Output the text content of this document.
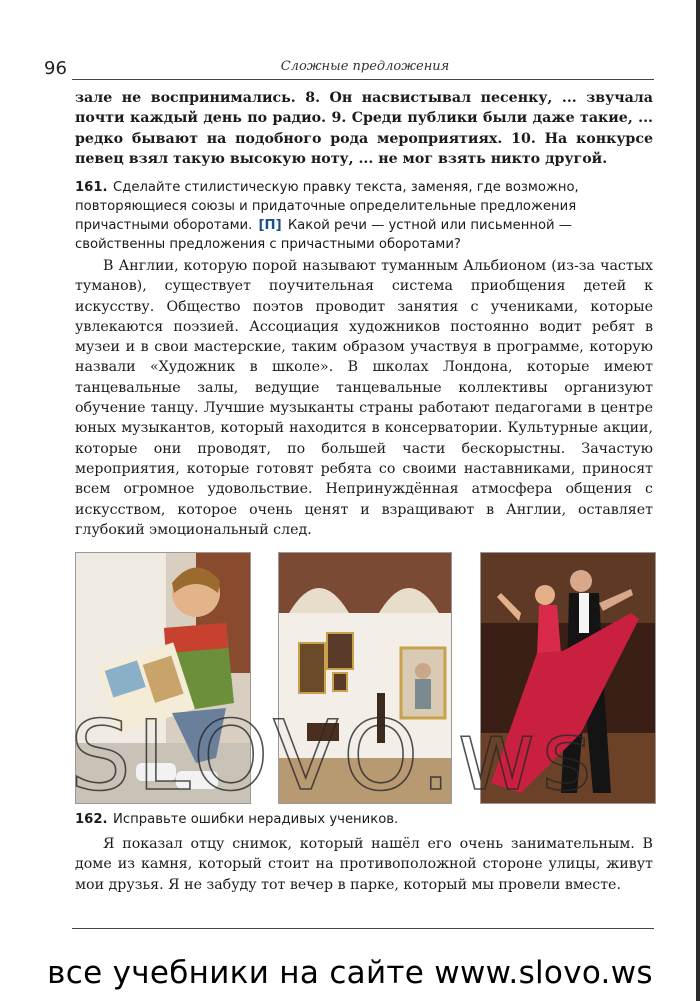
96	Сложные предложения

зале не воспринимались. 8. Он насвистывал песенку, ... звучала почти каждый день по радио. 9. Среди публики были даже такие, ... редко бывают на подобного рода мероприятиях. 10. На конкурсе певец взял такую высокую ноту, ... не мог взять никто другой.

161. Сделайте стилистическую правку текста, заменяя, где возможно, повторяющиеся союзы и придаточные определительные предложения причастными оборотами. [П] Какой речи — устной или письменной — свойственны предложения с причастными оборотами?

В Англии, которую порой называют туманным Альбионом (из-за частых туманов), существует поучительная система приобщения детей к искусству. Общество поэтов проводит занятия с учениками, которые увлекаются поэзией. Ассоциация художников постоянно водит ребят в музеи и в свои мастерские, таким образом участвуя в программе, которую назвали «Художник в школе». В школах Лондона, которые имеют танцевальные залы, ведущие танцевальные коллективы организуют обучение танцу. Лучшие музыканты страны работают педагогами в центре юных музыкантов, который находится в консерватории. Культурные акции, которые они проводят, по большей части бескорыстны. Зачастую мероприятия, которые готовят ребята со своими наставниками, приносят всем огромное удовольствие. Непринуждённая атмосфера общения с искусством, которое очень ценят и взращивают в Англии, оставляет глубокий эмоциональный след.

162. Исправьте ошибки нерадивых учеников.

Я показал отцу снимок, который нашёл его очень занимательным. В доме из камня, который стоит на противоположной стороне улицы, живут мои друзья. Я не забуду тот вечер в парке, который мы провели вместе.

все учебники на сайте www.slovo.ws
